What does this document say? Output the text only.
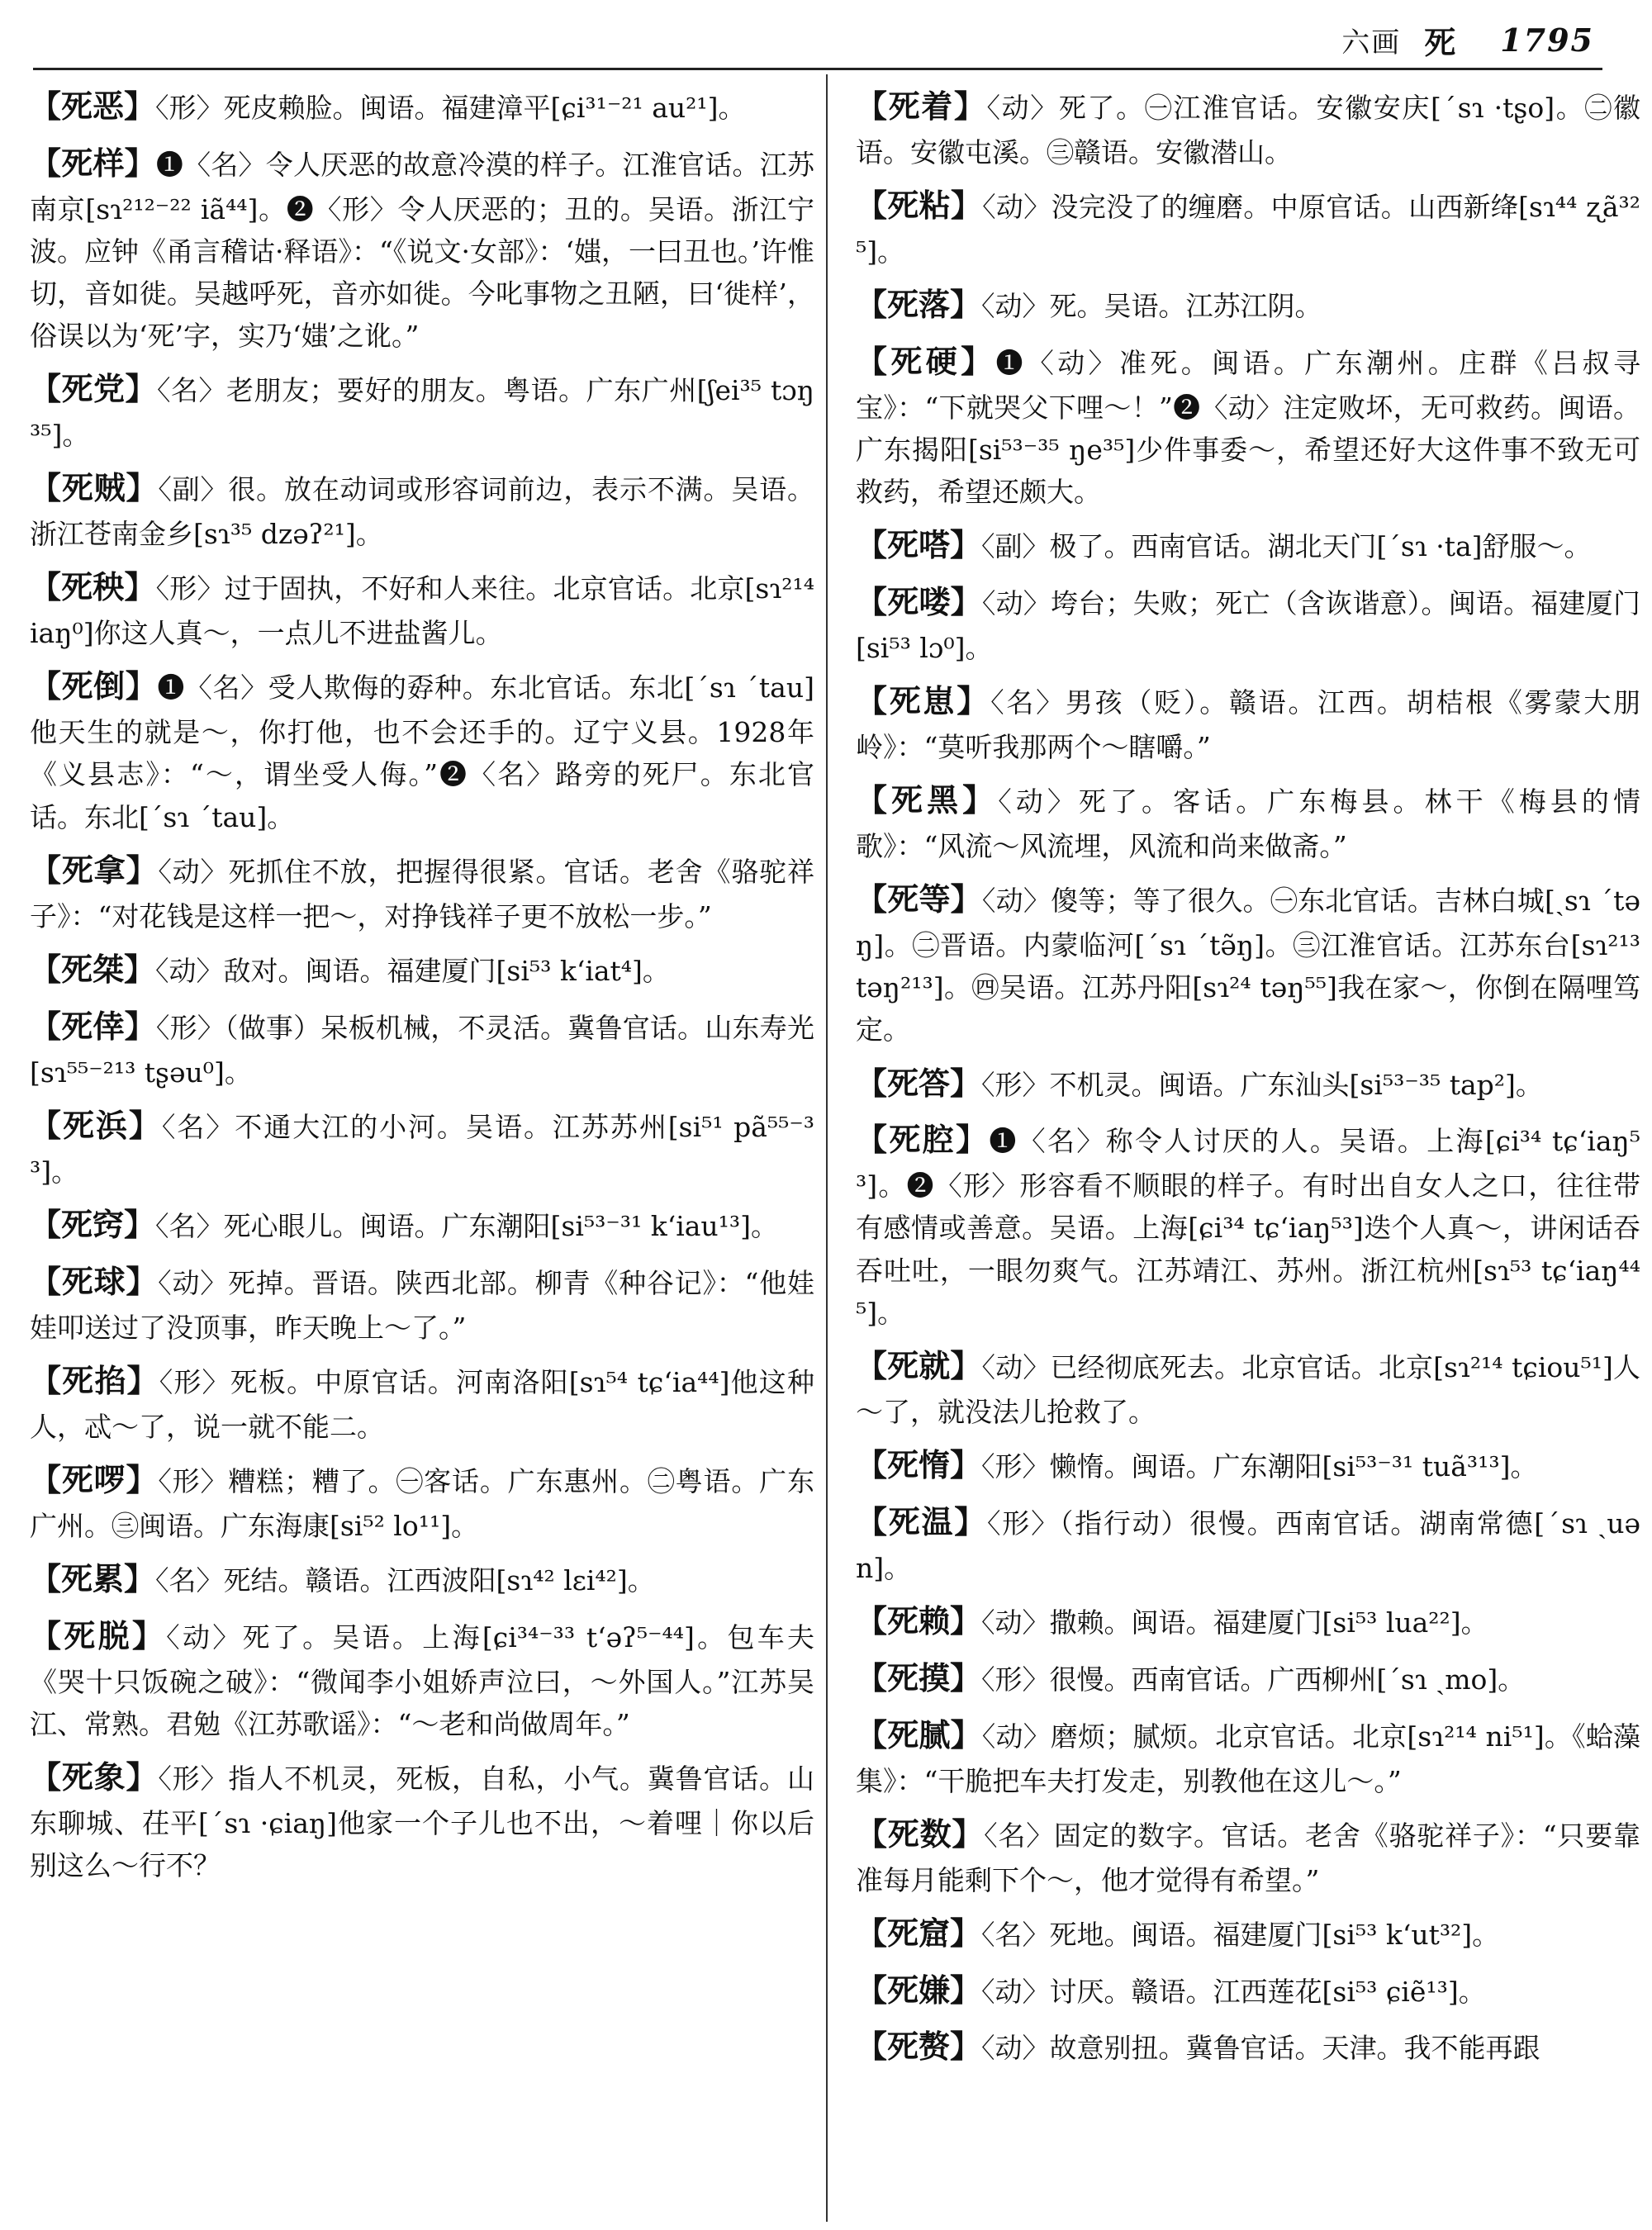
六画 死 1795

【死恶】〈形〉死皮赖脸。闽语。福建漳平[ɕi³¹⁻²¹ au²¹]。

【死样】❶〈名〉令人厌恶的故意冷漠的样子。江淮官话。江苏南京[sɿ²¹²⁻²² iã⁴⁴]。❷〈形〉令人厌恶的；丑的。吴语。浙江宁波。应钟《甬言稽诂·释语》：“《说文·女部》：‘媸，一曰丑也。’许惟切，音如徙。吴越呼死，音亦如徙。今叱事物之丑陋，曰‘徙样’，俗误以为‘死’字，实乃‘媸’之讹。”

【死党】〈名〉老朋友；要好的朋友。粤语。广东广州[ʃei³⁵ tɔŋ³⁵]。

【死贼】〈副〉很。放在动词或形容词前边，表示不满。吴语。浙江苍南金乡[sɿ³⁵ dzəʔ²¹]。

【死秧】〈形〉过于固执，不好和人来往。北京官话。北京[sɿ²¹⁴ iaŋ⁰]你这人真～，一点儿不进盐酱儿。

【死倒】❶〈名〉受人欺侮的孬种。东北官话。东北[ˊsɿ ˊtau]他天生的就是～，你打他，也不会还手的。辽宁义县。1928年《义县志》：“～，谓坐受人侮。”❷〈名〉路旁的死尸。东北官话。东北[ˊsɿ ˊtau]。

【死拿】〈动〉死抓住不放，把握得很紧。官话。老舍《骆驼祥子》：“对花钱是这样一把～，对挣钱祥子更不放松一步。”

【死桀】〈动〉敌对。闽语。福建厦门[si⁵³ kʻiat⁴]。

【死倖】〈形〉（做事）呆板机械，不灵活。冀鲁官话。山东寿光[sɿ⁵⁵⁻²¹³ tʂəu⁰]。

【死浜】〈名〉不通大江的小河。吴语。江苏苏州[si⁵¹ pã⁵⁵⁻³³]。

【死窍】〈名〉死心眼儿。闽语。广东潮阳[si⁵³⁻³¹ kʻiau¹³]。

【死球】〈动〉死掉。晋语。陕西北部。柳青《种谷记》：“他娃娃叩送过了没顶事，昨天晚上～了。”

【死掐】〈形〉死板。中原官话。河南洛阳[sɿ⁵⁴ tɕʻia⁴⁴]他这种人，忒～了，说一就不能二。

【死啰】〈形〉糟糕；糟了。㊀客话。广东惠州。㊁粤语。广东广州。㊂闽语。广东海康[si⁵² lo¹¹]。

【死累】〈名〉死结。赣语。江西波阳[sɿ⁴² lɛi⁴²]。

【死脱】〈动〉死了。吴语。上海[ɕi³⁴⁻³³ tʻəʔ⁵⁻⁴⁴]。包车夫《哭十只饭碗之破》：“微闻李小姐娇声泣曰，～外国人。”江苏吴江、常熟。君勉《江苏歌谣》：“～老和尚做周年。”

【死象】〈形〉指人不机灵，死板，自私，小气。冀鲁官话。山东聊城、茌平[ˊsɿ ·ɕiaŋ]他家一个子儿也不出，～着哩｜你以后别这么～行不？

【死着】〈动〉死了。㊀江淮官话。安徽安庆[ˊsɿ ·tʂo]。㊁徽语。安徽屯溪。㊂赣语。安徽潜山。

【死粘】〈动〉没完没了的缠磨。中原官话。山西新绛[sɿ⁴⁴ ʐã³²⁵]。

【死落】〈动〉死。吴语。江苏江阴。

【死硬】❶〈动〉准死。闽语。广东潮州。庄群《吕叔寻宝》：“下就哭父下哩～！”❷〈动〉注定败坏，无可救药。闽语。广东揭阳[si⁵³⁻³⁵ ŋe³⁵]少件事委～，希望还好大这件事不致无可救药，希望还颇大。

【死嗒】〈副〉极了。西南官话。湖北天门[ˊsɿ ·ta]舒服～。

【死喽】〈动〉垮台；失败；死亡（含诙谐意）。闽语。福建厦门[si⁵³ lɔ⁰]。

【死崽】〈名〉男孩（贬）。赣语。江西。胡桔根《雾蒙大朋岭》：“莫听我那两个～瞎嚼。”

【死黑】〈动〉死了。客话。广东梅县。林干《梅县的情歌》：“风流～风流埋，风流和尚来做斋。”

【死等】〈动〉傻等；等了很久。㊀东北官话。吉林白城[ˏsɿ ˊtəŋ]。㊁晋语。内蒙临河[ˊsɿ ˊtə̃ŋ]。㊂江淮官话。江苏东台[sɿ²¹³ təŋ²¹³]。㊃吴语。江苏丹阳[sɿ²⁴ təŋ⁵⁵]我在家～，你倒在隔哩笃定。

【死答】〈形〉不机灵。闽语。广东汕头[si⁵³⁻³⁵ tap²]。

【死腔】❶〈名〉称令人讨厌的人。吴语。上海[ɕi³⁴ tɕʻiaŋ⁵³]。❷〈形〉形容看不顺眼的样子。有时出自女人之口，往往带有感情或善意。吴语。上海[ɕi³⁴ tɕʻiaŋ⁵³]迭个人真～，讲闲话吞吞吐吐，一眼勿爽气。江苏靖江、苏州。浙江杭州[sɿ⁵³ tɕʻiaŋ⁴⁴⁵]。

【死就】〈动〉已经彻底死去。北京官话。北京[sɿ²¹⁴ tɕiou⁵¹]人～了，就没法儿抢救了。

【死惰】〈形〉懒惰。闽语。广东潮阳[si⁵³⁻³¹ tuã³¹³]。

【死温】〈形〉（指行动）很慢。西南官话。湖南常德[ˊsɿ ˏuən]。

【死赖】〈动〉撒赖。闽语。福建厦门[si⁵³ lua²²]。

【死摸】〈形〉很慢。西南官话。广西柳州[ˊsɿ ˏmo]。

【死腻】〈动〉磨烦；腻烦。北京官话。北京[sɿ²¹⁴ ni⁵¹]。《蛤藻集》：“干脆把车夫打发走，别教他在这儿～。”

【死数】〈名〉固定的数字。官话。老舍《骆驼祥子》：“只要靠准每月能剩下个～，他才觉得有希望。”

【死窟】〈名〉死地。闽语。福建厦门[si⁵³ kʻut³²]。

【死嫌】〈动〉讨厌。赣语。江西莲花[si⁵³ ɕiẽ¹³]。

【死赘】〈动〉故意别扭。冀鲁官话。天津。我不能再跟
